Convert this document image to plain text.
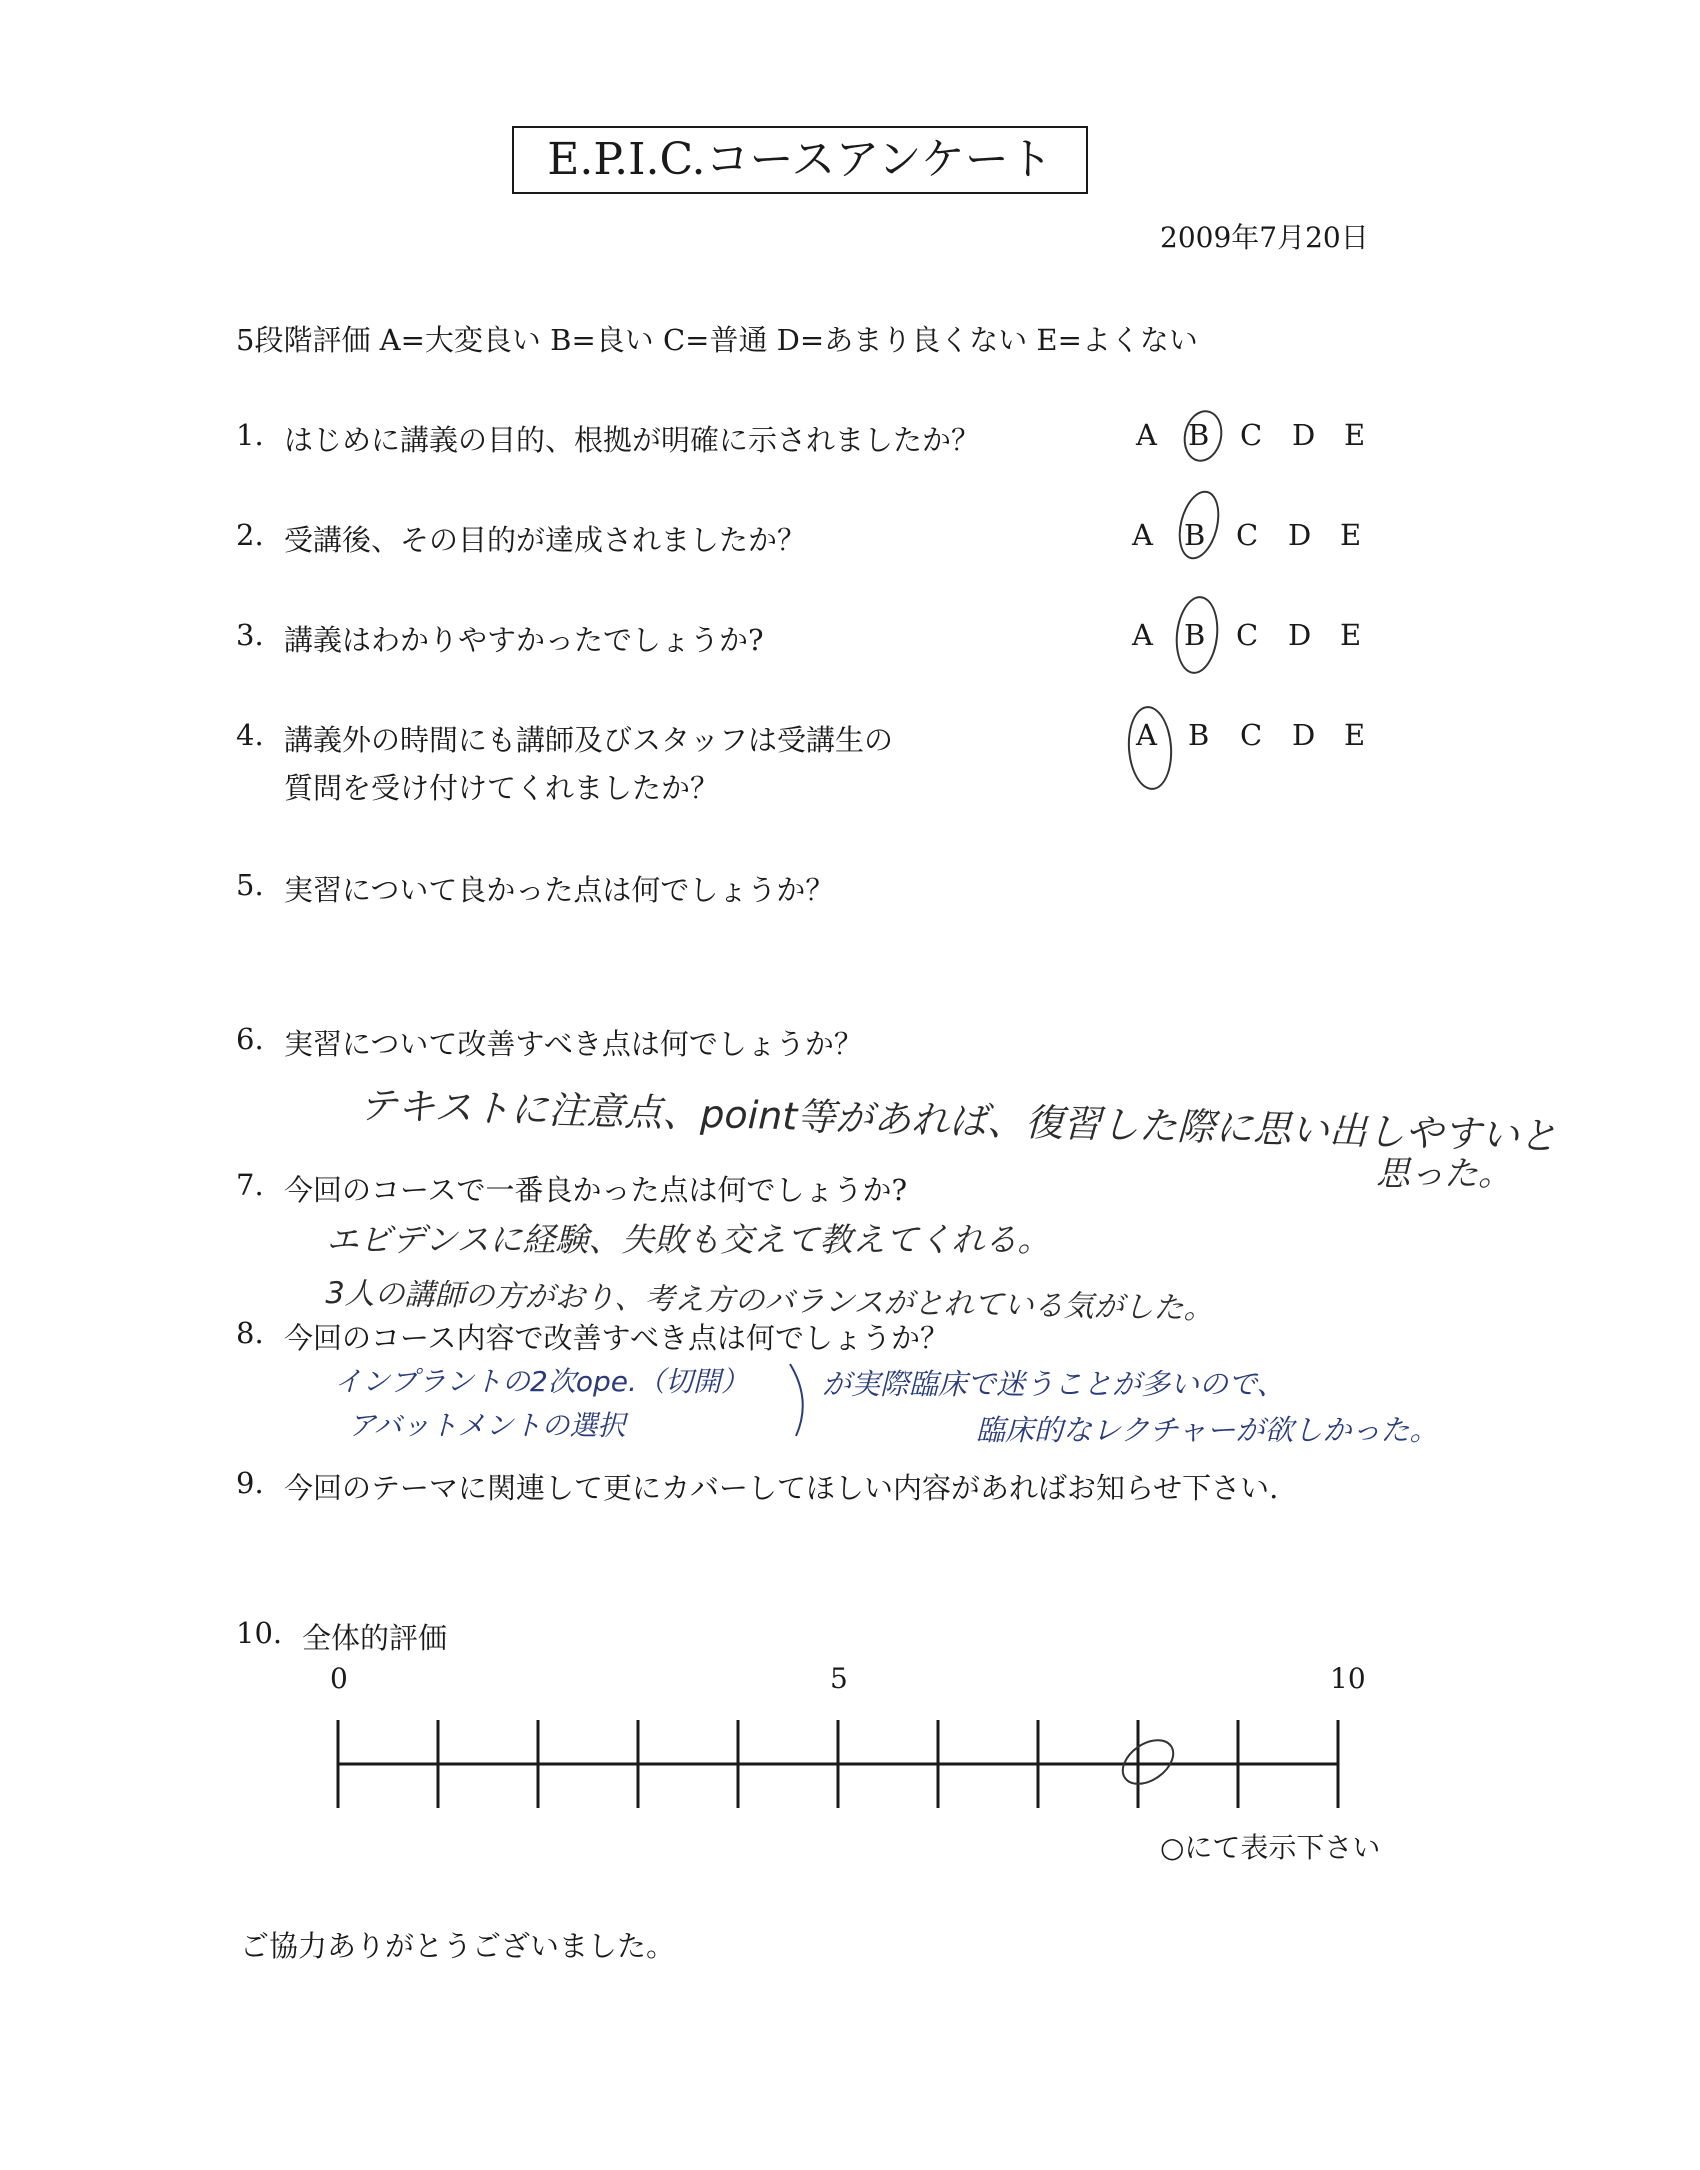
E.P.I.C.コースアンケート
2009年7月20日
5段階評価 A=大変良い B=良い C=普通 D=あまり良くない E=よくない
1. はじめに講義の目的、根拠が明確に示されましたか？	A B C D E
2. 受講後、その目的が達成されましたか？	A B C D E
3. 講義はわかりやすかったでしょうか?	A B C D E
4. 講義外の時間にも講師及びスタッフは受講生の
質問を受け付けてくれましたか？
A B C D E
5. 実習について良かった点は何でしょうか？
6. 実習について改善すべき点は何でしょうか？
テキストに注意点、point等があれば、復習した際に思い出しやすいと
思った。
7. 今回のコースで一番良かった点は何でしょうか?
エビデンスに経験、失敗も交えて教えてくれる。
3人の講師の方がおり、考え方のバランスがとれている気がした。
8. 今回のコース内容で改善すべき点は何でしょうか？
インプラントの2次ope.（切開）
アバットメントの選択
が実際臨床で迷うことが多いので、
臨床的なレクチャーが欲しかった。
9. 今回のテーマに関連して更にカバーしてほしい内容があればお知らせ下さい.
10. 全体的評価
0	5	10
○にて表示下さい
ご協力ありがとうございました。
